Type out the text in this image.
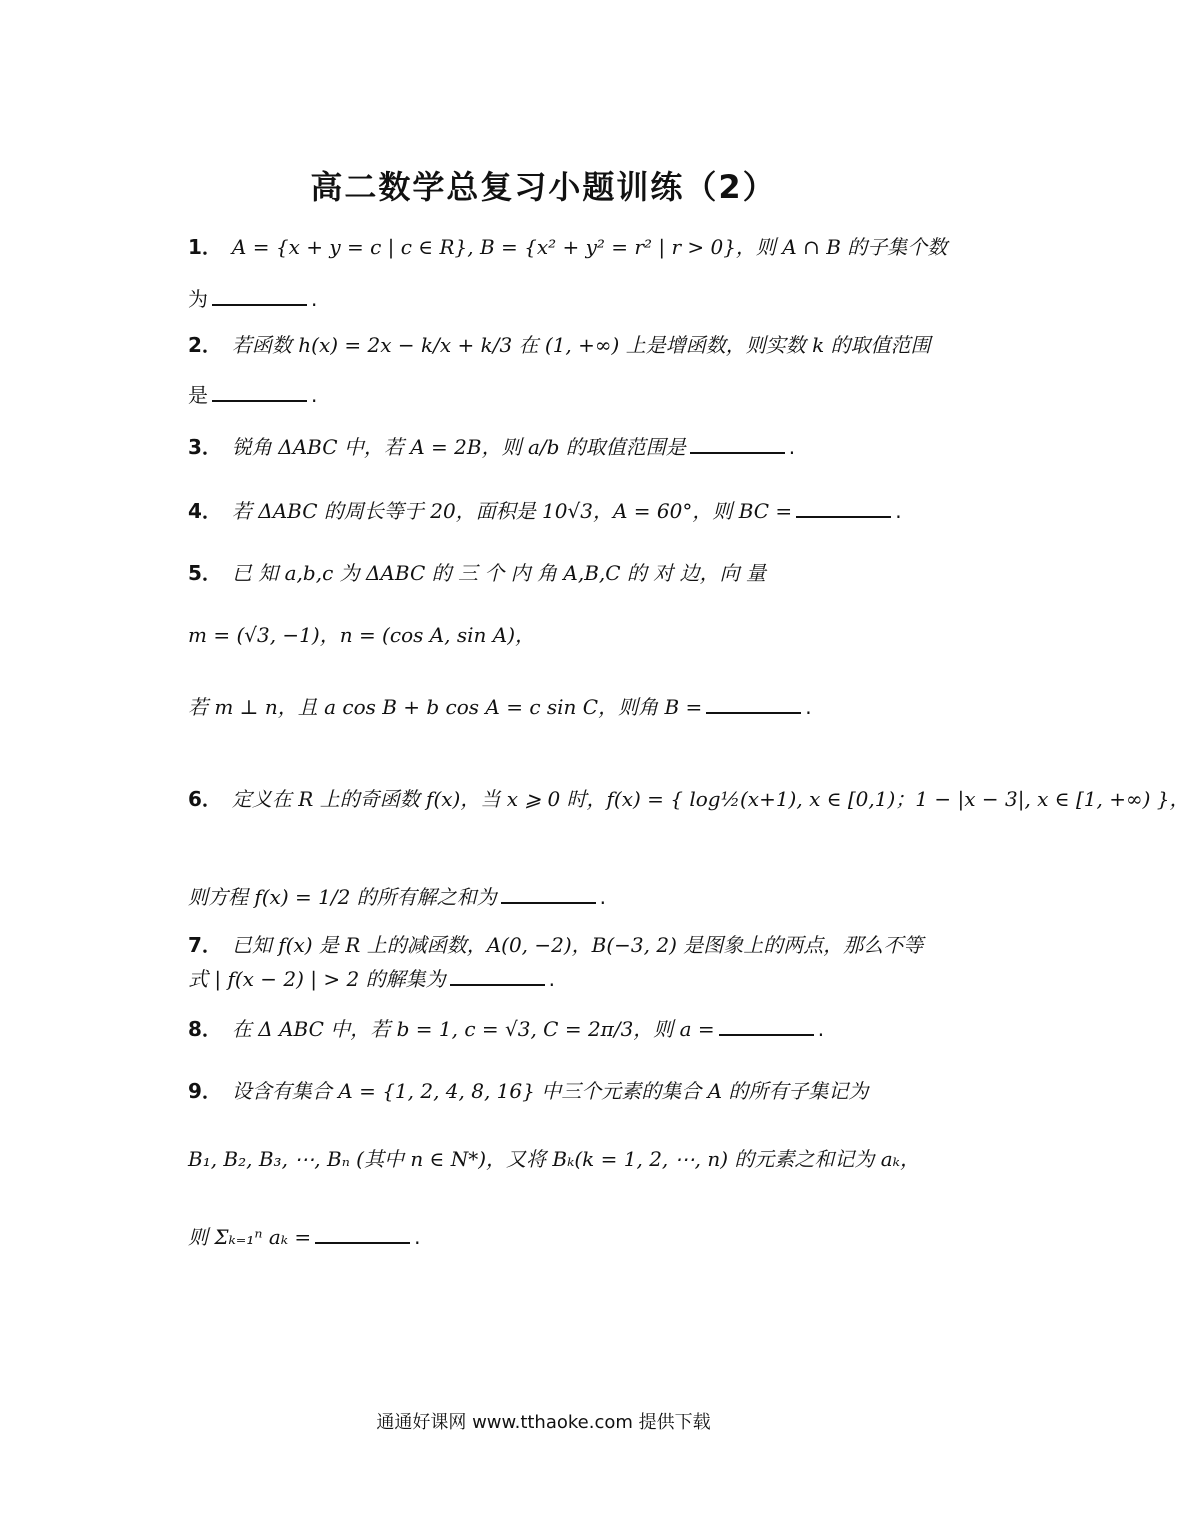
高二数学总复习小题训练（2）
1． A = {x + y = c | c ∈ R}, B = {x² + y² = r² | r > 0}，则 A ∩ B 的子集个数
为	.
2． 若函数 h(x) = 2x − k/x + k/3 在 (1, +∞) 上是增函数，则实数 k 的取值范围
是	.
3． 锐角 ΔABC 中，若 A = 2B，则 a/b 的取值范围是	.
4． 若 ΔABC 的周长等于 20，面积是 10√3，A = 60°，则 BC =	.
5． 已 知 a,b,c 为 ΔABC 的 三 个 内 角 A,B,C 的 对 边，向 量
m = (√3, −1)，n = (cos A, sin A)，
若 m ⊥ n，且 a cos B + b cos A = c sin C，则角 B =	.
6． 定义在 R 上的奇函数 f(x)，当 x ⩾ 0 时，f(x) = { log½(x+1), x ∈ [0,1)；1 − |x − 3|, x ∈ [1, +∞) }，
则方程 f(x) = 1/2 的所有解之和为	.
7． 已知 f(x) 是 R 上的减函数，A(0, −2)，B(−3, 2) 是图象上的两点，那么不等
式 | f(x − 2) | > 2 的解集为	.
8． 在 Δ ABC 中，若 b = 1, c = √3, C = 2π/3，则 a =	.
9． 设含有集合 A = {1, 2, 4, 8, 16} 中三个元素的集合 A 的所有子集记为
B₁, B₂, B₃, ⋯, Bₙ (其中 n ∈ N*)，又将 Bₖ(k = 1, 2, ⋯, n) 的元素之和记为 aₖ，
则 Σₖ₌₁ⁿ aₖ =	.
通通好课网 www.tthaoke.com 提供下载
